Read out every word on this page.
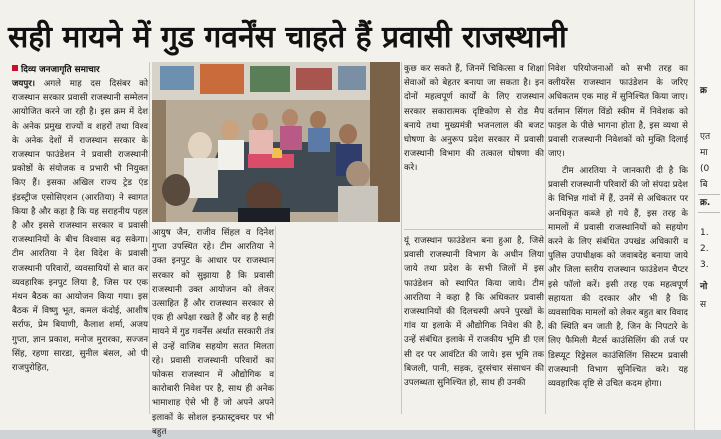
सही मायने में गुड गवर्नेंस चाहते हैं प्रवासी राजस्थानी
दिव्य जनजागृति समाचार
जयपुर। अगले माह दस दिसंबर को राजस्थान सरकार प्रवासी राजस्थानी सम्मेलन आयोजित करने जा रही है। इस क्रम में देश के अनेक प्रमुख राज्यों व शहरों तथा विश्व के अनेक देशों में राजस्थान सरकार के राजस्थान फाउंडेशन ने प्रवासी राजस्थानी प्रकोष्ठों के संयोजक व प्रभारी भी नियुक्त किए हैं। इसका अखिल राज्य ट्रेड एंड इंडस्ट्रीज एसोसिएशन (आरतिया) ने स्वागत किया है और कहा है कि यह सराहनीय पहल है और इससे राजस्थान सरकार व प्रवासी राजस्थानियों के बीच विश्वास बढ़ सकेगा। टीम आरतिया ने देश विदेश के प्रवासी राजस्थानी परिवारों, व्यवसायियों से बात कर व्यवहारिक इनपुट लिया है, जिस पर एक मंथन बैठक का आयोजन किया गया। इस बैठक में विष्णु भूत, कमल कंदोई, आशीष सर्राफ, प्रेम बियाणी, कैलाश शर्मा, अजय गुप्ता, ज्ञान प्रकाश, मनोज मुरारका, सज्जन सिंह, रहणा सारडा, सुनील बंसल, ओ पी राजपुरोहित,
आयुष जैन, राजीव सिंहल व दिनेश गुप्ता उपस्थित रहे। टीम आरतिया ने उक्त इनपुट के आधार पर राजस्थान सरकार को सुझाया है कि प्रवासी राजस्थानी उक्त आयोजन को लेकर उत्साहित हैं और राजस्थान सरकार से एक ही अपेक्षा रखते हैं और वह है सही मायने में गुड गवर्नेंस अर्थात सरकारी तंत्र से उन्हें वाजिब सहयोग सतत मिलता रहे। प्रवासी राजस्थानी परिवारों का फोकस राजस्थान में औद्योगिक व कारोबारी निवेश पर है, साथ ही अनेक भामाशाह ऐसे भी हैं जो अपने अपने इलाकों के सोशल इन्फ्रास्ट्रक्चर पर भी बहुत
कुछ कर सकते हैं, जिनमें चिकित्सा व शिक्षा सेवाओं को बेहतर बनाया जा सकता है। इन दोनों महत्वपूर्ण कार्यों के लिए राजस्थान सरकार सकारात्मक दृष्टिकोण से रोड मैप बनाये तथा मुख्यमंत्री भजनलाल की बजट घोषणा के अनुरूप प्रदेश सरकार में प्रवासी राजस्थानी विभाग की तत्काल घोषणा की करे।
यूं राजस्थान फाउंडेशन बना हुआ है, जिसे प्रवासी राजस्थानी विभाग के अधीन लिया जाये तथा प्रदेश के सभी जिलों में इस फाउंडेशन को स्थापित किया जाये। टीम आरतिया ने कहा है कि अधिकतर प्रवासी राजस्थानियों की दिलचस्पी अपने पुरखों के गांव या इलाके में औद्योगिक निवेश की है, उन्हें संबंधित इलाके में राजकीय भूमि डी एल सी दर पर आवंटित की जाये। इस भूमि तक बिजली, पानी, सड़क, दूरसंचार संसाधन की उपलब्धता सुनिश्चित हो, साथ ही उनकी
निवेश परियोजनाओं को सभी तरह का क्लीयरेंस राजस्थान फाउंडेशन के जरिए अधिकतम एक माह में सुनिश्चित किया जाए। वर्तमान सिंगल विंडो स्कीम में निवेशक को फाइल के पीछे भागना होता है, इस व्यथा से प्रवासी राजस्थानी निवेशकों को मुक्ति दिलाई जाए।
टीम आरतिया ने जानकारी दी है कि प्रवासी राजस्थानी परिवारों की जो संपदा प्रदेश के विभिन्न गांवों में हैं, उनमें से अधिकतर पर अनधिकृत कब्जे हो गये हैं, इस तरह के मामलों में प्रवासी राजस्थानियों को सहयोग करने के लिए संबंधित उपखंड अधिकारी व पुलिस उपाधीक्षक को जवाबदेह बनाया जाये और जिला स्तरीय राजस्थान फाउंडेशन चैप्टर इसे फॉलो करें। इसी तरह एक महत्वपूर्ण सहायता की दरकार और भी है कि व्यवसायिक मामलों को लेकर बहुत बार विवाद की स्थिति बन जाती है, जिन के निपटारे के लिए फैमिली मैटर्स काउंसिलिंग की तर्ज पर डिस्प्यूट रिड्रेसल काउंसिलिंग सिस्टम प्रवासी राजस्थानी विभाग सुनिश्चित करे। यह व्यवहारिक दृष्टि से उचित कदम होगा।
क्र
एत
मा
(0
बि
क्र.
1.
2.
3.
नो
स
